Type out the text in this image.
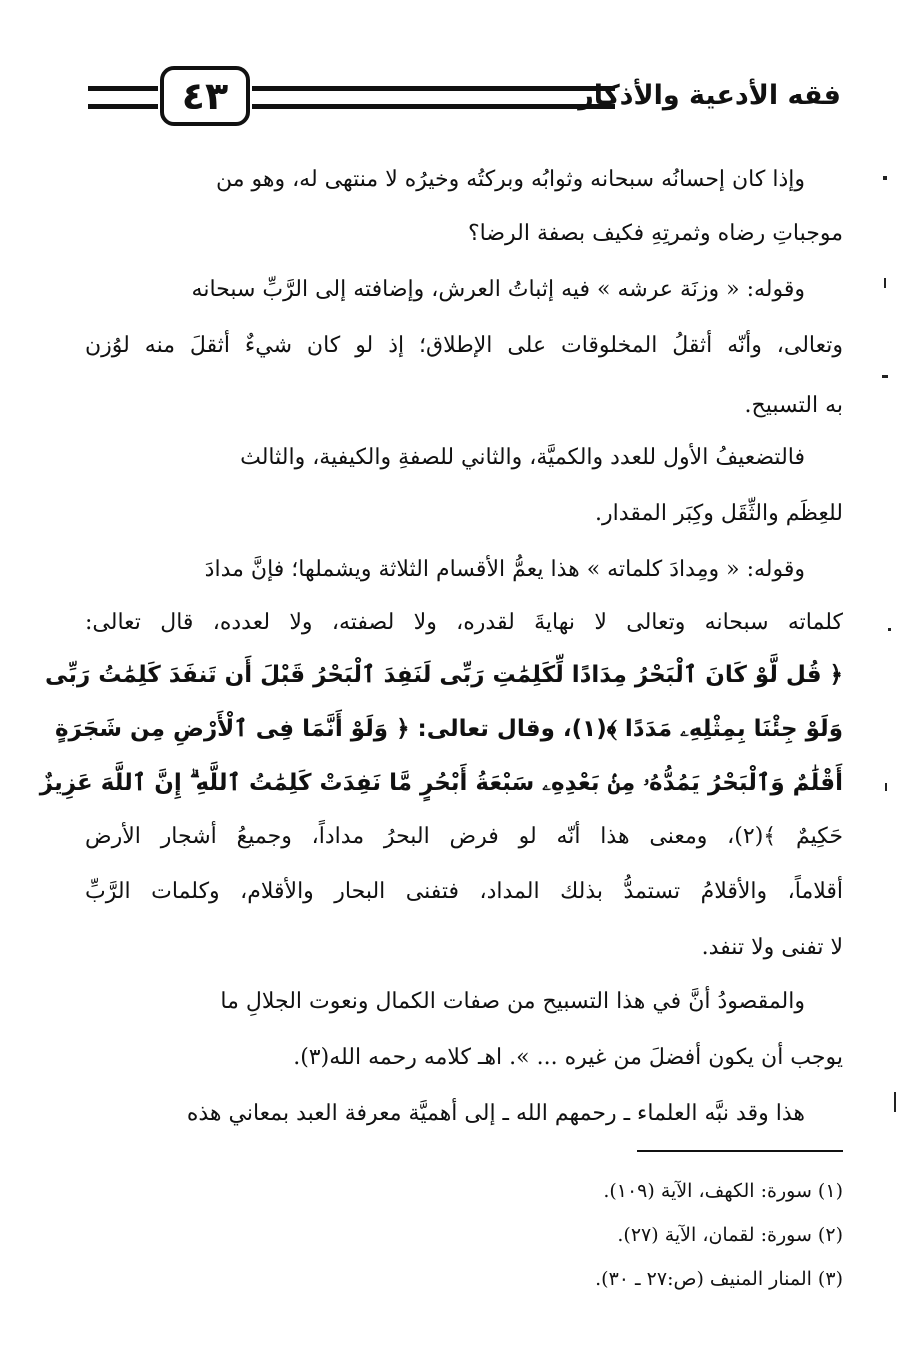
٤٣	فقه الأدعية والأذكار
وإذا كان إحسانُه سبحانه وثوابُه وبركتُه وخيرُه لا منتهى له، وهو من
موجباتِ رضاه وثمرتِهِ فكيف بصفة الرضا؟
وقوله: « وزنَة عرشه » فيه إثباتُ العرش، وإضافته إلى الرَّبِّ سبحانه
وتعالى، وأنّه أثقلُ المخلوقات على الإطلاق؛ إذ لو كان شيءٌ أثقلَ منه لوُزن
به التسبيح.
فالتضعيفُ الأول للعدد والكميَّة، والثاني للصفةِ والكيفية، والثالث
للعِظَم والثِّقَل وكِبَر المقدار.
وقوله: « ومِدادَ كلماته » هذا يعمُّ الأقسام الثلاثة ويشملها؛ فإنَّ مدادَ
كلماته سبحانه وتعالى لا نهايةَ لقدره، ولا لصفته، ولا لعدده، قال تعالى:
﴿ قُل لَّوْ كَانَ ٱلْبَحْرُ مِدَادًا لِّكَلِمَٰتِ رَبِّى لَنَفِدَ ٱلْبَحْرُ قَبْلَ أَن تَنفَدَ كَلِمَٰتُ رَبِّى
وَلَوْ جِئْنَا بِمِثْلِهِۦ مَدَدًا ﴾(١)، وقال تعالى: ﴿ وَلَوْ أَنَّمَا فِى ٱلْأَرْضِ مِن شَجَرَةٍ
أَقْلَٰمٌ وَٱلْبَحْرُ يَمُدُّهُۥ مِنۢ بَعْدِهِۦ سَبْعَةُ أَبْحُرٍ مَّا نَفِدَتْ كَلِمَٰتُ ٱللَّهِ ۗ إِنَّ ٱللَّهَ عَزِيزٌ
حَكِيمٌ ﴾(٢)، ومعنى هذا أنّه لو فرض البحرُ مداداً، وجميعُ أشجار الأرض
أقلاماً، والأقلامُ تستمدُّ بذلك المداد، فتفنى البحار والأقلام، وكلمات الرَّبِّ
لا تفنى ولا تنفد.
والمقصودُ أنَّ في هذا التسبيح من صفات الكمال ونعوت الجلالِ ما
يوجب أن يكون أفضلَ من غيره ... ». اهـ كلامه رحمه الله(٣).
هذا وقد نبَّه العلماء ـ رحمهم الله ـ إلى أهميَّة معرفة العبد بمعاني هذه
(١) سورة: الكهف، الآية (١٠٩).
(٢) سورة: لقمان، الآية (٢٧).
(٣) المنار المنيف (ص:٢٧ ـ ٣٠).
